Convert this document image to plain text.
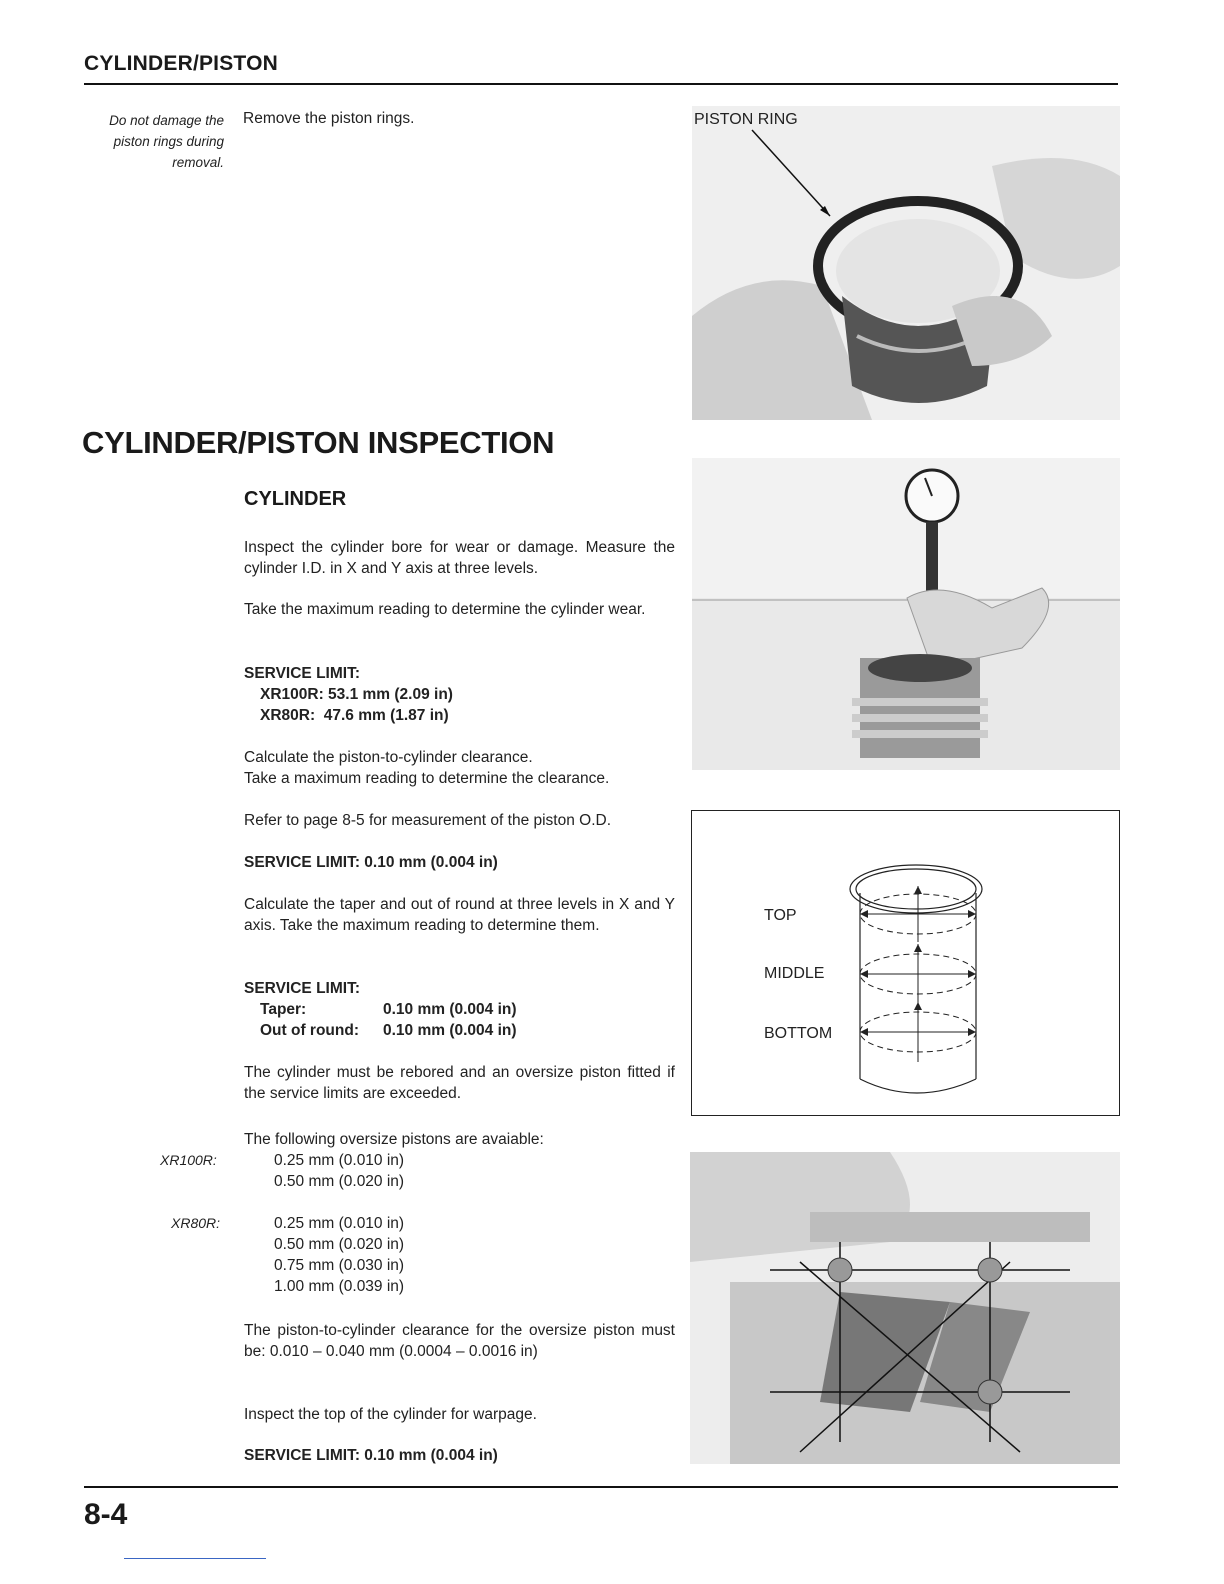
CYLINDER/PISTON
Do not damage the
piston rings during
removal.
Remove the piston rings.	PISTON RING
CYLINDER/PISTON INSPECTION
CYLINDER
Inspect the cylinder bore for wear or damage. Measure the cylinder I.D. in X and Y axis at three levels.
Take the maximum reading to determine the cylinder wear.
SERVICE LIMIT:
XR100R: 53.1 mm (2.09 in)
XR80R:  47.6 mm (1.87 in)
Calculate the piston-to-cylinder clearance.
Take a maximum reading to determine the clearance.
Refer to page 8-5 for measurement of the piston O.D.
SERVICE LIMIT: 0.10 mm (0.004 in)
Calculate the taper and out of round at three levels in X and Y axis. Take the maximum reading to determine them.
SERVICE LIMIT:
Taper:	0.10 mm (0.004 in)
Out of round: 0.10 mm (0.004 in)
The cylinder must be rebored and an oversize piston fitted if the service limits are exceeded.
The following oversize pistons are avaiable:
XR100R:	0.25 mm (0.010 in)
0.50 mm (0.020 in)
XR80R:	0.25 mm (0.010 in)
0.50 mm (0.020 in)
0.75 mm (0.030 in)
1.00 mm (0.039 in)
The piston-to-cylinder clearance for the oversize piston must be: 0.010 – 0.040 mm (0.0004 – 0.0016 in)
Inspect the top of the cylinder for warpage.
SERVICE LIMIT: 0.10 mm (0.004 in)
TOP
MIDDLE
BOTTOM
8-4
